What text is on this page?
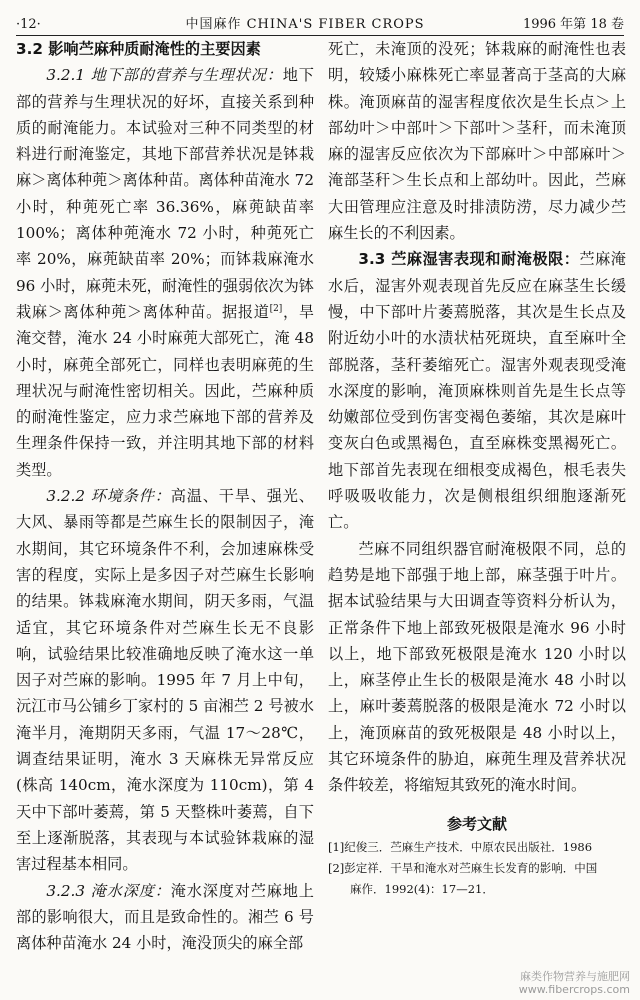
·12·	中国麻作 CHINA'S FIBER CROPS	1996 年第 18 卷

3.2 影响苎麻种质耐淹性的主要因素

3.2.1 地下部的营养与生理状况：地下部的营养与生理状况的好坏，直接关系到种质的耐淹能力。本试验对三种不同类型的材料进行耐淹鉴定，其地下部营养状况是钵栽麻＞离体种蔸＞离体种苗。离体种苗淹水 72 小时，种蔸死亡率 36.36%，麻蔸缺苗率 100%；离体种蔸淹水 72 小时，种蔸死亡率 20%，麻蔸缺苗率 20%；而钵栽麻淹水 96 小时，麻蔸未死，耐淹性的强弱依次为钵栽麻＞离体种蔸＞离体种苗。据报道[2]，旱淹交替，淹水 24 小时麻蔸大部死亡，淹 48 小时，麻蔸全部死亡，同样也表明麻蔸的生理状况与耐淹性密切相关。因此，苎麻种质的耐淹性鉴定，应力求苎麻地下部的营养及生理条件保持一致，并注明其地下部的材料类型。

3.2.2 环境条件：高温、干旱、强光、大风、暴雨等都是苎麻生长的限制因子，淹水期间，其它环境条件不利，会加速麻株受害的程度，实际上是多因子对苎麻生长影响的结果。钵栽麻淹水期间，阴天多雨，气温适宜，其它环境条件对苎麻生长无不良影响，试验结果比较准确地反映了淹水这一单因子对苎麻的影响。1995 年 7 月上中旬，沅江市马公铺乡丁家村的 5 亩湘苎 2 号被水淹半月，淹期阴天多雨，气温 17～28℃，调查结果证明，淹水 3 天麻株无异常反应(株高 140cm，淹水深度为 110cm)，第 4 天中下部叶萎蔫，第 5 天整株叶萎蔫，自下至上逐渐脱落，其表现与本试验钵栽麻的湿害过程基本相同。

3.2.3 淹水深度：淹水深度对苎麻地上部的影响很大，而且是致命性的。湘苎 6 号离体种苗淹水 24 小时，淹没顶尖的麻全部

死亡，未淹顶的没死；钵栽麻的耐淹性也表明，较矮小麻株死亡率显著高于茎高的大麻株。淹顶麻苗的湿害程度依次是生长点＞上部幼叶＞中部叶＞下部叶＞茎秆，而未淹顶麻的湿害反应依次为下部麻叶＞中部麻叶＞淹部茎秆＞生长点和上部幼叶。因此，苎麻大田管理应注意及时排渍防涝，尽力减少苎麻生长的不利因素。

3.3 苎麻湿害表现和耐淹极限：苎麻淹水后，湿害外观表现首先反应在麻茎生长缓慢，中下部叶片萎蔫脱落，其次是生长点及附近幼小叶的水渍状枯死斑块，直至麻叶全部脱落，茎秆萎缩死亡。湿害外观表现受淹水深度的影响，淹顶麻株则首先是生长点等幼嫩部位受到伤害变褐色萎缩，其次是麻叶变灰白色或黑褐色，直至麻株变黑褐死亡。地下部首先表现在细根变成褐色，根毛表失呼吸吸收能力，次是侧根组织细胞逐渐死亡。

苎麻不同组织器官耐淹极限不同，总的趋势是地下部强于地上部，麻茎强于叶片。据本试验结果与大田调查等资料分析认为，正常条件下地上部致死极限是淹水 96 小时以上，地下部致死极限是淹水 120 小时以上，麻茎停止生长的极限是淹水 48 小时以上，麻叶萎蔫脱落的极限是淹水 72 小时以上，淹顶麻苗的致死极限是 48 小时以上，其它环境条件的胁迫，麻蔸生理及营养状况条件较差，将缩短其致死的淹水时间。

参考文献

[1]纪俊三．苎麻生产技术．中原农民出版社．1986

[2]彭定祥．干旱和淹水对苎麻生长发育的影响．中国

麻作．1992(4)：17—21．

麻类作物营养与施肥网
www.fibercrops.com
